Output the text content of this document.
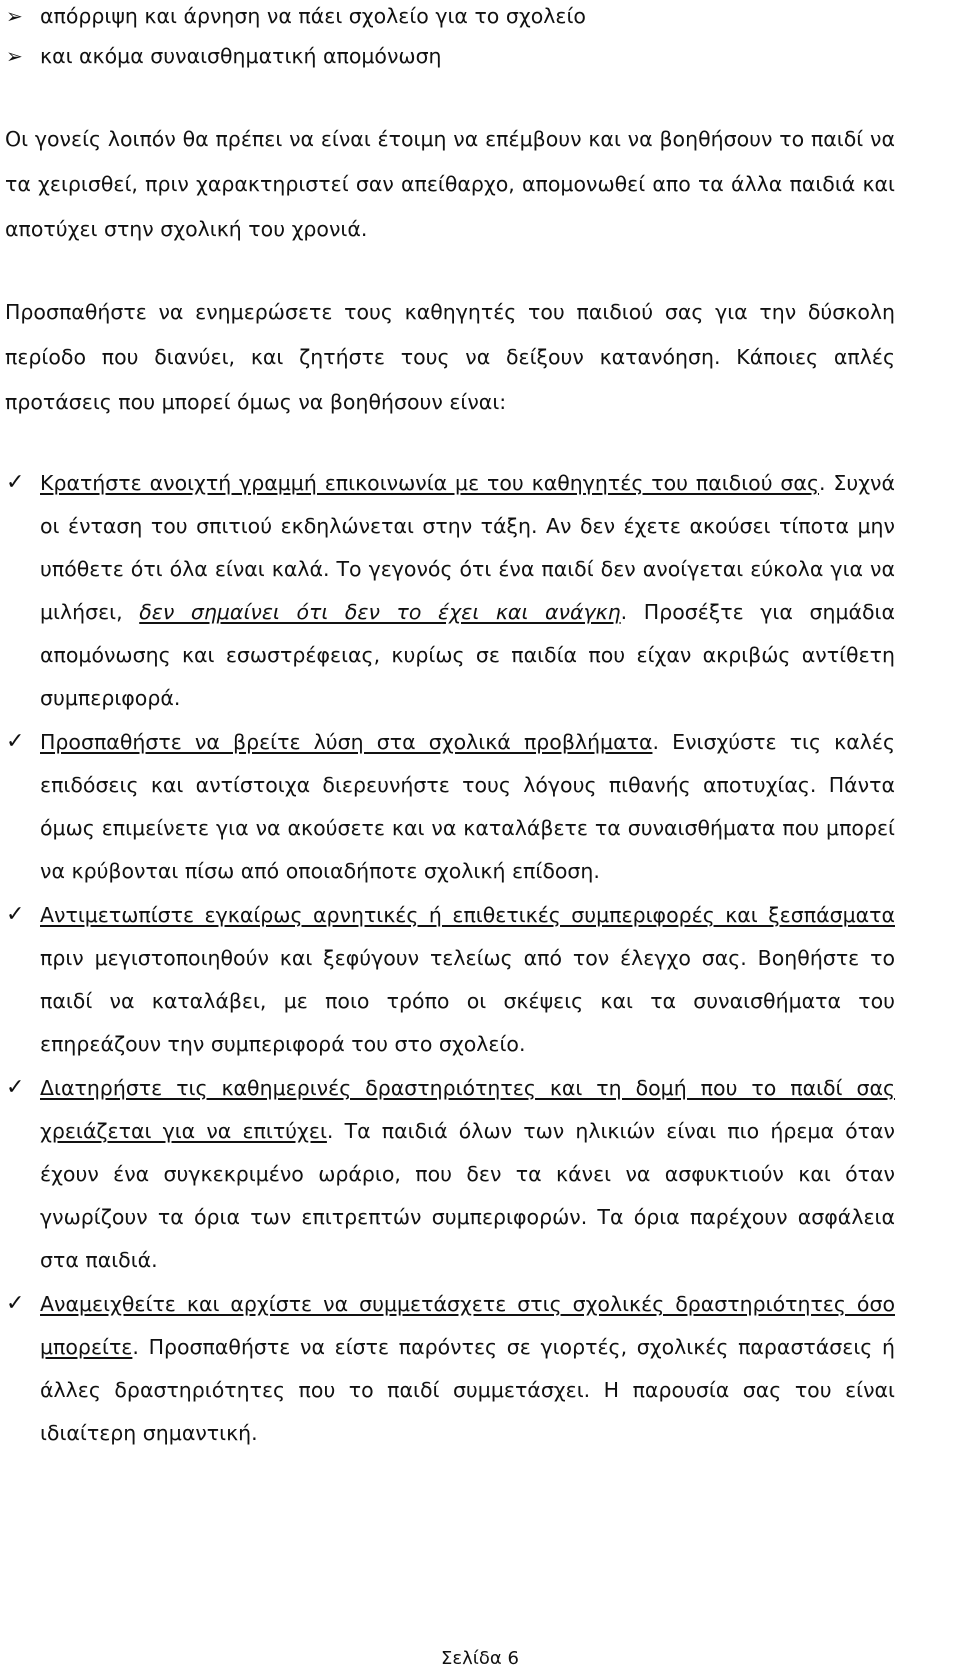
➢ απόρριψη και άρνηση να πάει σχολείο για το σχολείο
➢ και ακόμα συναισθηματική απομόνωση
Οι γονείς λοιπόν θα πρέπει να είναι έτοιμη να επέμβουν και να βοηθήσουν το παιδί να
τα χειρισθεί, πριν χαρακτηριστεί σαν απείθαρχο, απομονωθεί απο τα άλλα παιδιά και
αποτύχει στην σχολική του χρονιά.
Προσπαθήστε να ενημερώσετε τους καθηγητές του παιδιού σας για την δύσκολη
περίοδο που διανύει, και ζητήστε τους να δείξουν κατανόηση. Κάποιες απλές
προτάσεις που μπορεί όμως να βοηθήσουν είναι:
✓ Κρατήστε ανοιχτή γραμμή επικοινωνία με του καθηγητές του παιδιού σας. Συχνά
οι ένταση του σπιτιού εκδηλώνεται στην τάξη. Αν δεν έχετε ακούσει τίποτα μην
υπόθετε ότι όλα είναι καλά. Το γεγονός ότι ένα παιδί δεν ανοίγεται εύκολα για να
μιλήσει, δεν σημαίνει ότι δεν το έχει και ανάγκη. Προσέξτε για σημάδια
απομόνωσης και εσωστρέφειας, κυρίως σε παιδία που είχαν ακριβώς αντίθετη
συμπεριφορά.
✓ Προσπαθήστε να βρείτε λύση στα σχολικά προβλήματα. Ενισχύστε τις καλές
επιδόσεις και αντίστοιχα διερευνήστε τους λόγους πιθανής αποτυχίας. Πάντα
όμως επιμείνετε για να ακούσετε και να καταλάβετε τα συναισθήματα που μπορεί
να κρύβονται πίσω από οποιαδήποτε σχολική επίδοση.
✓ Αντιμετωπίστε εγκαίρως αρνητικές ή επιθετικές συμπεριφορές και ξεσπάσματα
πριν μεγιστοποιηθούν και ξεφύγουν τελείως από τον έλεγχο σας. Βοηθήστε το
παιδί να καταλάβει, με ποιο τρόπο οι σκέψεις και τα συναισθήματα του
επηρεάζουν την συμπεριφορά του στο σχολείο.
✓ Διατηρήστε τις καθημερινές δραστηριότητες και τη δομή που το παιδί σας
χρειάζεται για να επιτύχει. Τα παιδιά όλων των ηλικιών είναι πιο ήρεμα όταν
έχουν ένα συγκεκριμένο ωράριο, που δεν τα κάνει να ασφυκτιούν και όταν
γνωρίζουν τα όρια των επιτρεπτών συμπεριφορών. Τα όρια παρέχουν ασφάλεια
στα παιδιά.
✓ Αναμειχθείτε και αρχίστε να συμμετάσχετε στις σχολικές δραστηριότητες όσο
μπορείτε. Προσπαθήστε να είστε παρόντες σε γιορτές, σχολικές παραστάσεις ή
άλλες δραστηριότητες που το παιδί συμμετάσχει. Η παρουσία σας του είναι
ιδιαίτερη σημαντική.
Σελίδα 6
